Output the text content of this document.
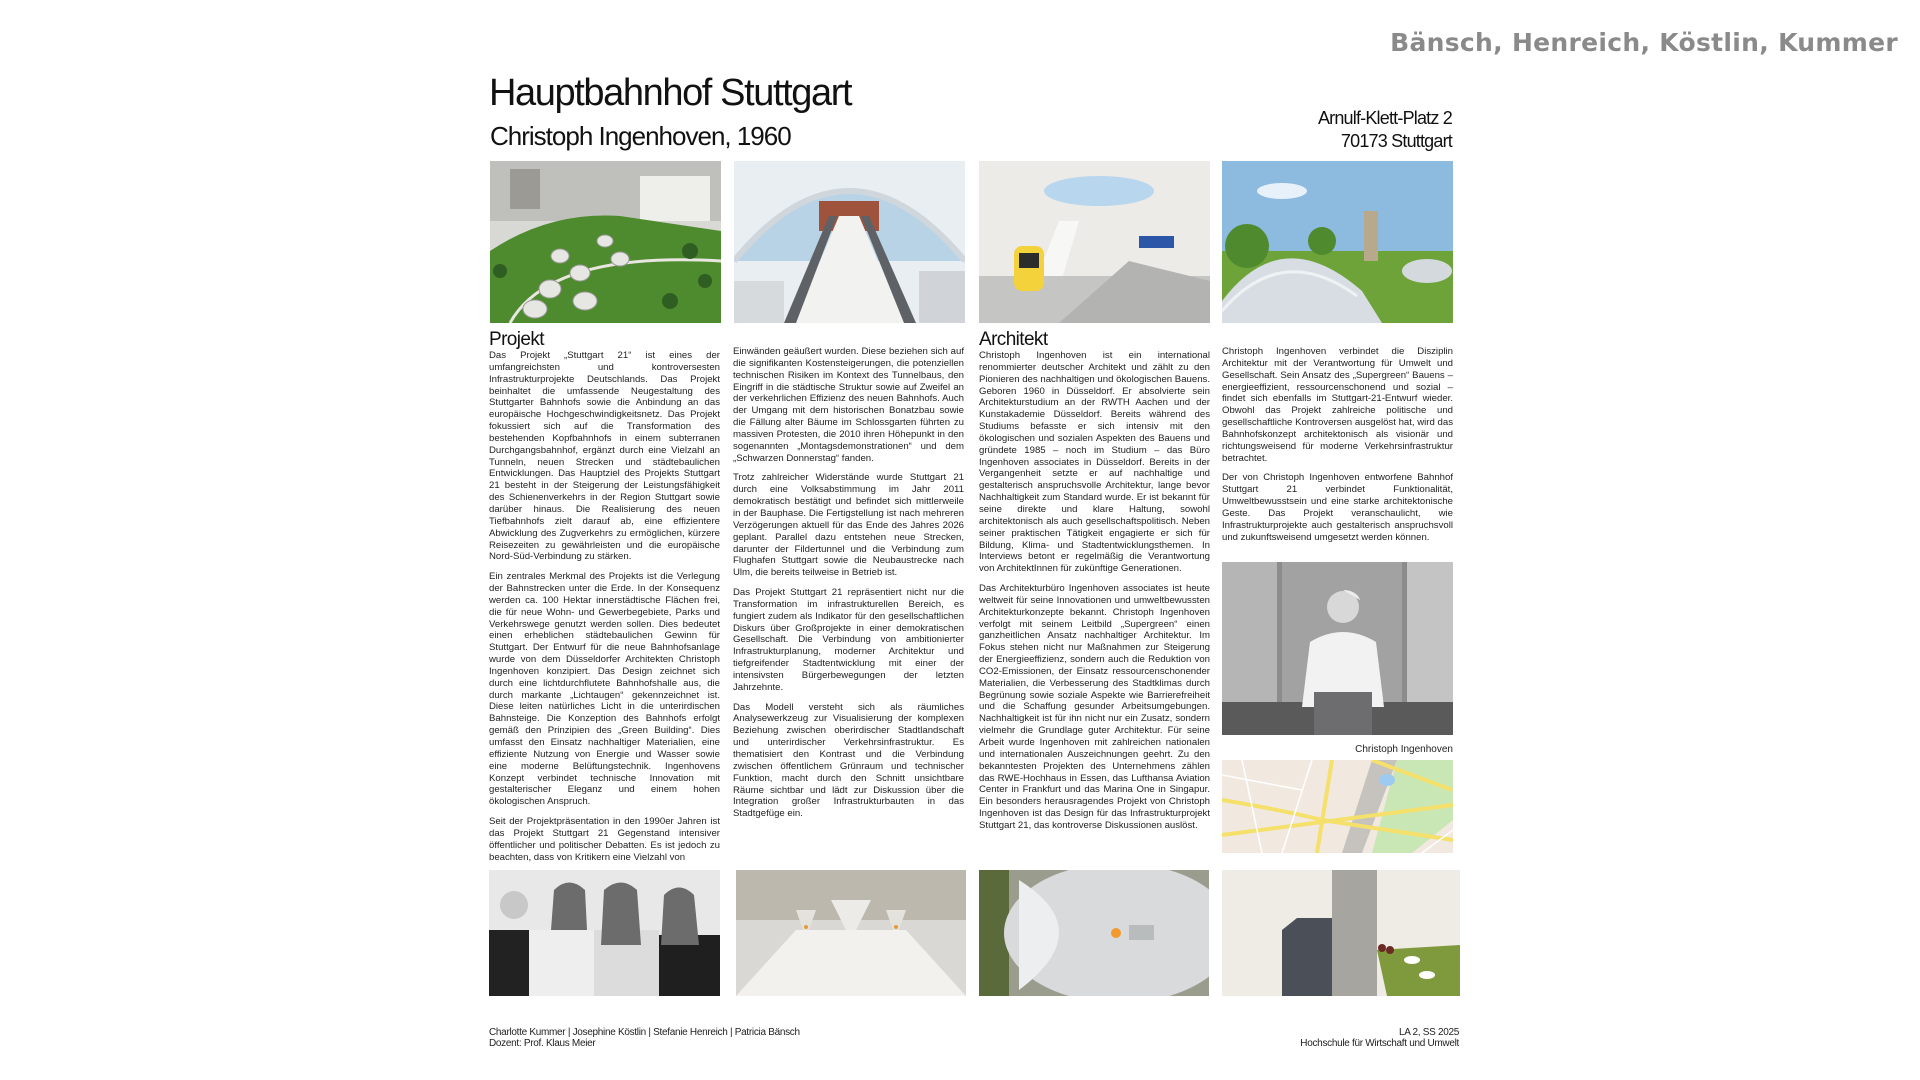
Bänsch, Henreich, Köstlin, Kummer
Hauptbahnhof Stuttgart
Christoph Ingenhoven, 1960
Arnulf-Klett-Platz 2
70173 Stuttgart
Projekt

Das Projekt „Stuttgart 21“ ist eines der umfangreichsten und kontroversesten Infrastrukturprojekte Deutschlands. Das Projekt beinhaltet die umfassende Neugestaltung des Stuttgarter Bahnhofs sowie die Anbindung an das europäische Hochgeschwindigkeitsnetz. Das Projekt fokussiert sich auf die Transformation des bestehenden Kopfbahnhofs in einem subterranen Durchgangsbahnhof, ergänzt durch eine Vielzahl an Tunneln, neuen Strecken und städtebaulichen Entwicklungen. Das Hauptziel des Projekts Stuttgart 21 besteht in der Steigerung der Leistungsfähigkeit des Schienenverkehrs in der Region Stuttgart sowie darüber hinaus. Die Realisierung des neuen Tiefbahnhofs zielt darauf ab, eine effizientere Abwicklung des Zugverkehrs zu ermöglichen, kürzere Reisezeiten zu gewährleisten und die europäische Nord-Süd-Verbindung zu stärken.

Ein zentrales Merkmal des Projekts ist die Verlegung der Bahnstrecken unter die Erde. In der Konsequenz werden ca. 100 Hektar innerstädtische Flächen frei, die für neue Wohn- und Gewerbegebiete, Parks und Verkehrswege genutzt werden sollen. Dies bedeutet einen erheblichen städtebaulichen Gewinn für Stuttgart. Der Entwurf für die neue Bahnhofsanlage wurde von dem Düsseldorfer Architekten Christoph Ingenhoven konzipiert. Das Design zeichnet sich durch eine lichtdurchflutete Bahnhofshalle aus, die durch markante „Lichtaugen“ gekennzeichnet ist. Diese leiten natürliches Licht in die unterirdischen Bahnsteige. Die Konzeption des Bahnhofs erfolgt gemäß den Prinzipien des „Green Building“. Dies umfasst den Einsatz nachhaltiger Materialien, eine effiziente Nutzung von Energie und Wasser sowie eine moderne Belüftungstechnik. Ingenhovens Konzept verbindet technische Innovation mit gestalterischer Eleganz und einem hohen ökologischen Anspruch.

Seit der Projektpräsentation in den 1990er Jahren ist das Projekt Stuttgart 21 Gegenstand intensiver öffentlicher und politischer Debatten. Es ist jedoch zu beachten, dass von Kritikern eine Vielzahl von

Einwänden geäußert wurden. Diese beziehen sich auf die signifikanten Kostensteigerungen, die potenziellen technischen Risiken im Kontext des Tunnelbaus, den Eingriff in die städtische Struktur sowie auf Zweifel an der verkehrlichen Effizienz des neuen Bahnhofs. Auch der Umgang mit dem historischen Bonatzbau sowie die Fällung alter Bäume im Schlossgarten führten zu massiven Protesten, die 2010 ihren Höhepunkt in den sogenannten „Montagsdemonstrationen“ und dem „Schwarzen Donnerstag“ fanden.

Trotz zahlreicher Widerstände wurde Stuttgart 21 durch eine Volksabstimmung im Jahr 2011 demokratisch bestätigt und befindet sich mittlerweile in der Bauphase. Die Fertigstellung ist nach mehreren Verzögerungen aktuell für das Ende des Jahres 2026 geplant. Parallel dazu entstehen neue Strecken, darunter der Fildertunnel und die Verbindung zum Flughafen Stuttgart sowie die Neubaustrecke nach Ulm, die bereits teilweise in Betrieb ist.

Das Projekt Stuttgart 21 repräsentiert nicht nur die Transformation im infrastrukturellen Bereich, es fungiert zudem als Indikator für den gesellschaftlichen Diskurs über Großprojekte in einer demokratischen Gesellschaft. Die Verbindung von ambitionierter Infrastrukturplanung, moderner Architektur und tiefgreifender Stadtentwicklung mit einer der intensivsten Bürgerbewegungen der letzten Jahrzehnte.

Das Modell versteht sich als räumliches Analysewerkzeug zur Visualisierung der komplexen Beziehung zwischen oberirdischer Stadtlandschaft und unterirdischer Verkehrsinfrastruktur. Es thematisiert den Kontrast und die Verbindung zwischen öffentlichem Grünraum und technischer Funktion, macht durch den Schnitt unsichtbare Räume sichtbar und lädt zur Diskussion über die Integration großer Infrastrukturbauten in das Stadtgefüge ein.

Architekt

Christoph Ingenhoven ist ein international renommierter deutscher Architekt und zählt zu den Pionieren des nachhaltigen und ökologischen Bauens. Geboren 1960 in Düsseldorf. Er absolvierte sein Architekturstudium an der RWTH Aachen und der Kunstakademie Düsseldorf. Bereits während des Studiums befasste er sich intensiv mit den ökologischen und sozialen Aspekten des Bauens und gründete 1985 – noch im Studium – das Büro Ingenhoven associates in Düsseldorf. Bereits in der Vergangenheit setzte er auf nachhaltige und gestalterisch anspruchsvolle Architektur, lange bevor Nachhaltigkeit zum Standard wurde. Er ist bekannt für seine direkte und klare Haltung, sowohl architektonisch als auch gesellschaftspolitisch. Neben seiner praktischen Tätigkeit engagierte er sich für Bildung, Klima- und Stadtentwicklungsthemen. In Interviews betont er regelmäßig die Verantwortung von ArchitektInnen für zukünftige Generationen.

Das Architekturbüro Ingenhoven associates ist heute weltweit für seine Innovationen und umweltbewussten Architekturkonzepte bekannt. Christoph Ingenhoven verfolgt mit seinem Leitbild „Supergreen“ einen ganzheitlichen Ansatz nachhaltiger Architektur. Im Fokus stehen nicht nur Maßnahmen zur Steigerung der Energieeffizienz, sondern auch die Reduktion von CO2-Emissionen, der Einsatz ressourcenschonender Materialien, die Verbesserung des Stadtklimas durch Begrünung sowie soziale Aspekte wie Barrierefreiheit und die Schaffung gesunder Arbeitsumgebungen. Nachhaltigkeit ist für ihn nicht nur ein Zusatz, sondern vielmehr die Grundlage guter Architektur. Für seine Arbeit wurde Ingenhoven mit zahlreichen nationalen und internationalen Auszeichnungen geehrt. Zu den bekanntesten Projekten des Unternehmens zählen das RWE-Hochhaus in Essen, das Lufthansa Aviation Center in Frankfurt und das Marina One in Singapur. Ein besonders herausragendes Projekt von Christoph Ingenhoven ist das Design für das Infrastrukturprojekt Stuttgart 21, das kontroverse Diskussionen auslöst.

Christoph Ingenhoven verbindet die Disziplin Architektur mit der Verantwortung für Umwelt und Gesellschaft. Sein Ansatz des „Supergreen“ Bauens – energieeffizient, ressourcenschonend und sozial – findet sich ebenfalls im Stuttgart-21-Entwurf wieder. Obwohl das Projekt zahlreiche politische und gesellschaftliche Kontroversen ausgelöst hat, wird das Bahnhofskonzept architektonisch als visionär und richtungsweisend für moderne Verkehrsinfrastruktur betrachtet.

Der von Christoph Ingenhoven entworfene Bahnhof Stuttgart 21 verbindet Funktionalität, Umweltbewusstsein und eine starke architektonische Geste. Das Projekt veranschaulicht, wie Infrastrukturprojekte auch gestalterisch anspruchsvoll und zukunftsweisend umgesetzt werden können.

Christoph Ingenhoven
Charlotte Kummer | Josephine Köstlin | Stefanie Henreich | Patricia Bänsch
Dozent: Prof. Klaus Meier
LA 2, SS 2025
Hochschule für Wirtschaft und Umwelt
